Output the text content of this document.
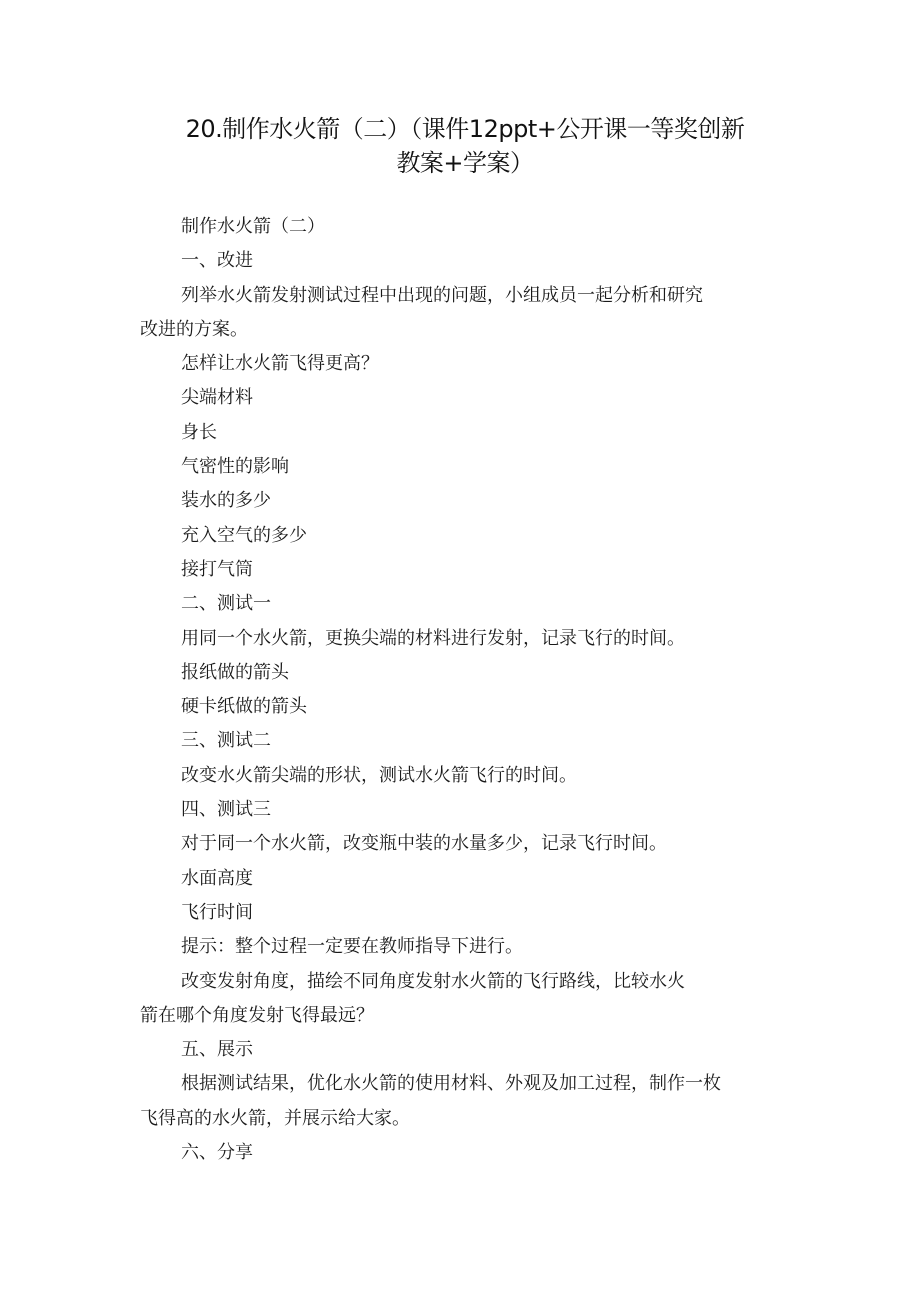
20.制作水火箭（二）（课件12ppt+公开课一等奖创新
教案+学案）

制作水火箭（二）

一、改进

列举水火箭发射测试过程中出现的问题，小组成员一起分析和研究
改进的方案。

怎样让水火箭飞得更高？

尖端材料

身长

气密性的影响

装水的多少

充入空气的多少

接打气筒

二、测试一

用同一个水火箭，更换尖端的材料进行发射，记录飞行的时间。

报纸做的箭头

硬卡纸做的箭头

三、测试二

改变水火箭尖端的形状，测试水火箭飞行的时间。

四、测试三

对于同一个水火箭，改变瓶中装的水量多少，记录飞行时间。

水面高度

飞行时间

提示：整个过程一定要在教师指导下进行。

改变发射角度，描绘不同角度发射水火箭的飞行路线，比较水火
箭在哪个角度发射飞得最远？

五、展示

根据测试结果，优化水火箭的使用材料、外观及加工过程，制作一枚
飞得高的水火箭，并展示给大家。

六、分享
